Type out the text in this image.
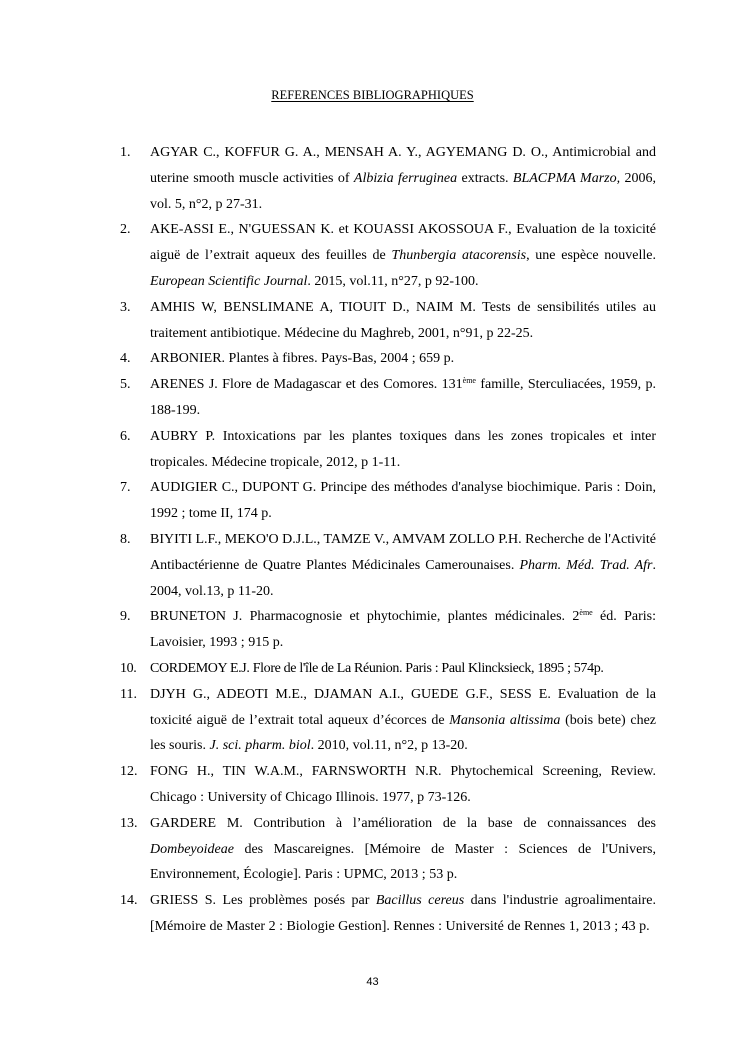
REFERENCES BIBLIOGRAPHIQUES
1. AGYAR C., KOFFUR G. A., MENSAH A. Y., AGYEMANG D. O., Antimicrobial and uterine smooth muscle activities of Albizia ferruginea extracts. BLACPMA Marzo, 2006, vol. 5, n°2, p 27-31.
2. AKE-ASSI E., N'GUESSAN K. et KOUASSI AKOSSOUA F., Evaluation de la toxicité aiguë de l’extrait aqueux des feuilles de Thunbergia atacorensis, une espèce nouvelle. European Scientific Journal. 2015, vol.11, n°27, p 92-100.
3. AMHIS W, BENSLIMANE A, TIOUIT D., NAIM M. Tests de sensibilités utiles au traitement antibiotique. Médecine du Maghreb, 2001, n°91, p 22-25.
4. ARBONIER. Plantes à fibres. Pays-Bas, 2004 ; 659 p.
5. ARENES J. Flore de Madagascar et des Comores. 131ème famille, Sterculiacées, 1959, p. 188-199.
6. AUBRY P. Intoxications par les plantes toxiques dans les zones tropicales et inter tropicales. Médecine tropicale, 2012, p 1-11.
7. AUDIGIER C., DUPONT G. Principe des méthodes d'analyse biochimique. Paris : Doin, 1992 ; tome II, 174 p.
8. BIYITI L.F., MEKO'O D.J.L., TAMZE V., AMVAM ZOLLO P.H. Recherche de l'Activité Antibactérienne de Quatre Plantes Médicinales Camerounaises. Pharm. Méd. Trad. Afr. 2004, vol.13, p 11-20.
9. BRUNETON J. Pharmacognosie et phytochimie, plantes médicinales. 2ème éd. Paris: Lavoisier, 1993 ; 915 p.
10. CORDEMOY E.J. Flore de l'île de La Réunion. Paris : Paul Klincksieck, 1895 ; 574p.
11. DJYH G., ADEOTI M.E., DJAMAN A.I., GUEDE G.F., SESS E. Evaluation de la toxicité aiguë de l’extrait total aqueux d’écorces de Mansonia altissima (bois bete) chez les souris. J. sci. pharm. biol. 2010, vol.11, n°2, p 13-20.
12. FONG H., TIN W.A.M., FARNSWORTH N.R. Phytochemical Screening, Review. Chicago : University of Chicago Illinois. 1977, p 73-126.
13. GARDERE M. Contribution à l’amélioration de la base de connaissances des Dombeyoideae des Mascareignes. [Mémoire de Master : Sciences de l'Univers, Environnement, Écologie]. Paris : UPMC, 2013 ; 53 p.
14. GRIESS S. Les problèmes posés par Bacillus cereus dans l'industrie agroalimentaire. [Mémoire de Master 2 : Biologie Gestion]. Rennes : Université de Rennes 1, 2013 ; 43 p.
43
